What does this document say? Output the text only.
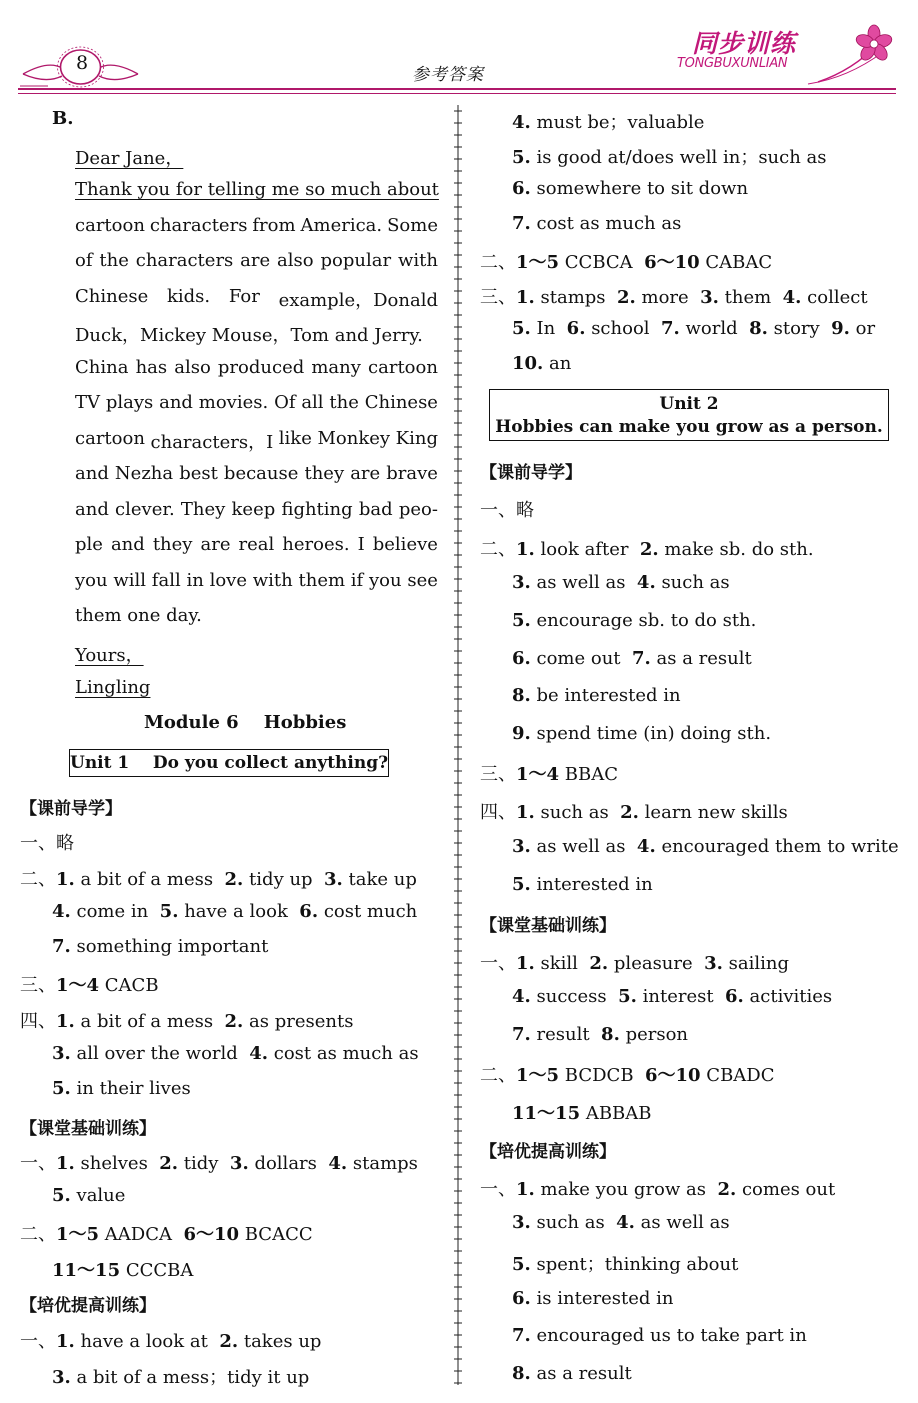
8
参考答案
同步训练
TONGBUXUNLIAN
B.
Dear Jane，
Thank you for telling me so much about
cartoon characters from America. Some
of the characters are also popular with
Chinese kids. For example，Donald
Duck，Mickey Mouse，Tom and Jerry.
China has also produced many cartoon
TV plays and movies. Of all the Chinese
cartoon characters，I like Monkey King
and Nezha best because they are brave
and clever. They keep fighting bad peo-
ple and they are real heroes. I believe
you will fall in love with them if you see
them one day.
Yours，
Lingling
Module 6    Hobbies
Unit 1    Do you collect anything?
【课前导学】
一、略
二、1. a bit of a mess  2. tidy up  3. take up
4. come in  5. have a look  6. cost much
7. something important
三、1～4 CACB
四、1. a bit of a mess  2. as presents
3. all over the world  4. cost as much as
5. in their lives
【课堂基础训练】
一、1. shelves  2. tidy  3. dollars  4. stamps
5. value
二、1～5 AADCA  6～10 BCACC
11～15 CCCBA
【培优提高训练】
一、1. have a look at  2. takes up
3. a bit of a mess；tidy it up
4. must be；valuable
5. is good at/does well in；such as
6. somewhere to sit down
7. cost as much as
二、1～5 CCBCA  6～10 CABAC
三、1. stamps  2. more  3. them  4. collect
5. In  6. school  7. world  8. story  9. or
10. an
Unit 2
Hobbies can make you grow as a person.
【课前导学】
一、略
二、1. look after  2. make sb. do sth.
3. as well as  4. such as
5. encourage sb. to do sth.
6. come out  7. as a result
8. be interested in
9. spend time (in) doing sth.
三、1～4 BBAC
四、1. such as  2. learn new skills
3. as well as  4. encouraged them to write
5. interested in
【课堂基础训练】
一、1. skill  2. pleasure  3. sailing
4. success  5. interest  6. activities
7. result  8. person
二、1～5 BCDCB  6～10 CBADC
11～15 ABBAB
【培优提高训练】
一、1. make you grow as  2. comes out
3. such as  4. as well as
5. spent；thinking about
6. is interested in
7. encouraged us to take part in
8. as a result
